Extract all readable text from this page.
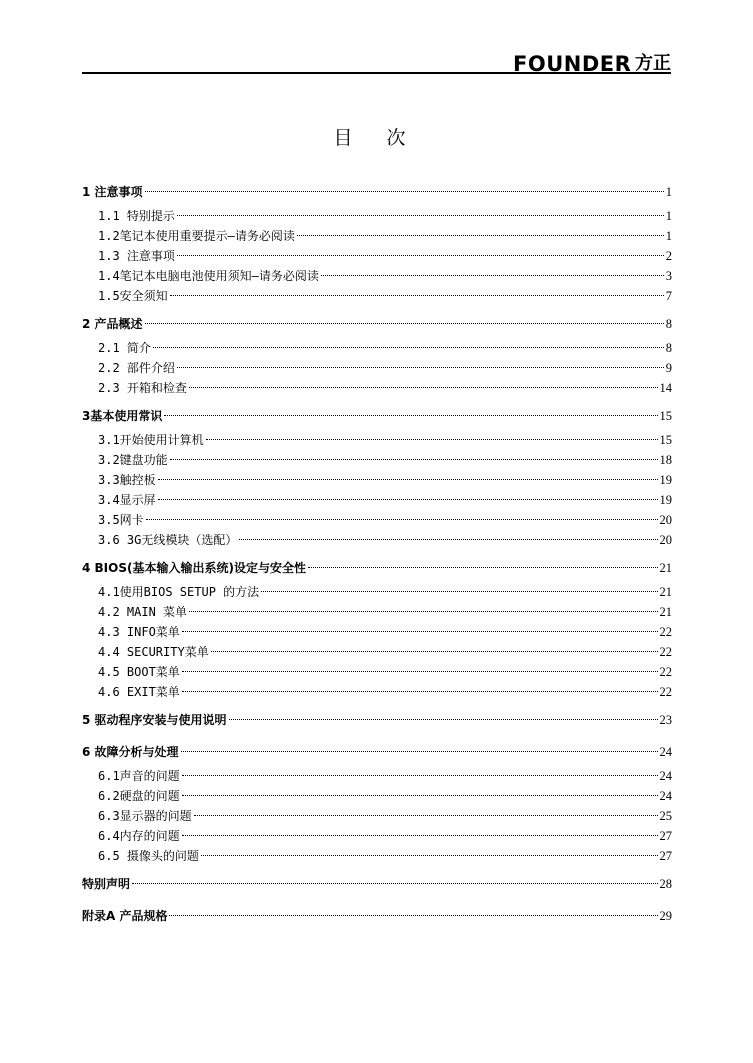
FOUNDER 方正
目 次
1 注意事项	1
1.1 特别提示	1
1.2笔记本使用重要提示—请务必阅读	1
1.3 注意事项	2
1.4笔记本电脑电池使用须知—请务必阅读	3
1.5安全须知	7
2 产品概述	8
2.1 简介	8
2.2 部件介绍	9
2.3 开箱和检查	14
3基本使用常识	15
3.1开始使用计算机	15
3.2键盘功能	18
3.3触控板	19
3.4显示屏	19
3.5网卡	20
3.6 3G无线模块（选配）	20
4 BIOS(基本输入输出系统)设定与安全性	21
4.1使用BIOS SETUP 的方法	21
4.2 MAIN 菜单	21
4.3 INFO菜单	22
4.4 SECURITY菜单	22
4.5 BOOT菜单	22
4.6 EXIT菜单	22
5 驱动程序安装与使用说明	23
6 故障分析与处理	24
6.1声音的问题	24
6.2硬盘的问题	24
6.3显示器的问题	25
6.4内存的问题	27
6.5 摄像头的问题	27
特别声明	28
附录A 产品规格	29
